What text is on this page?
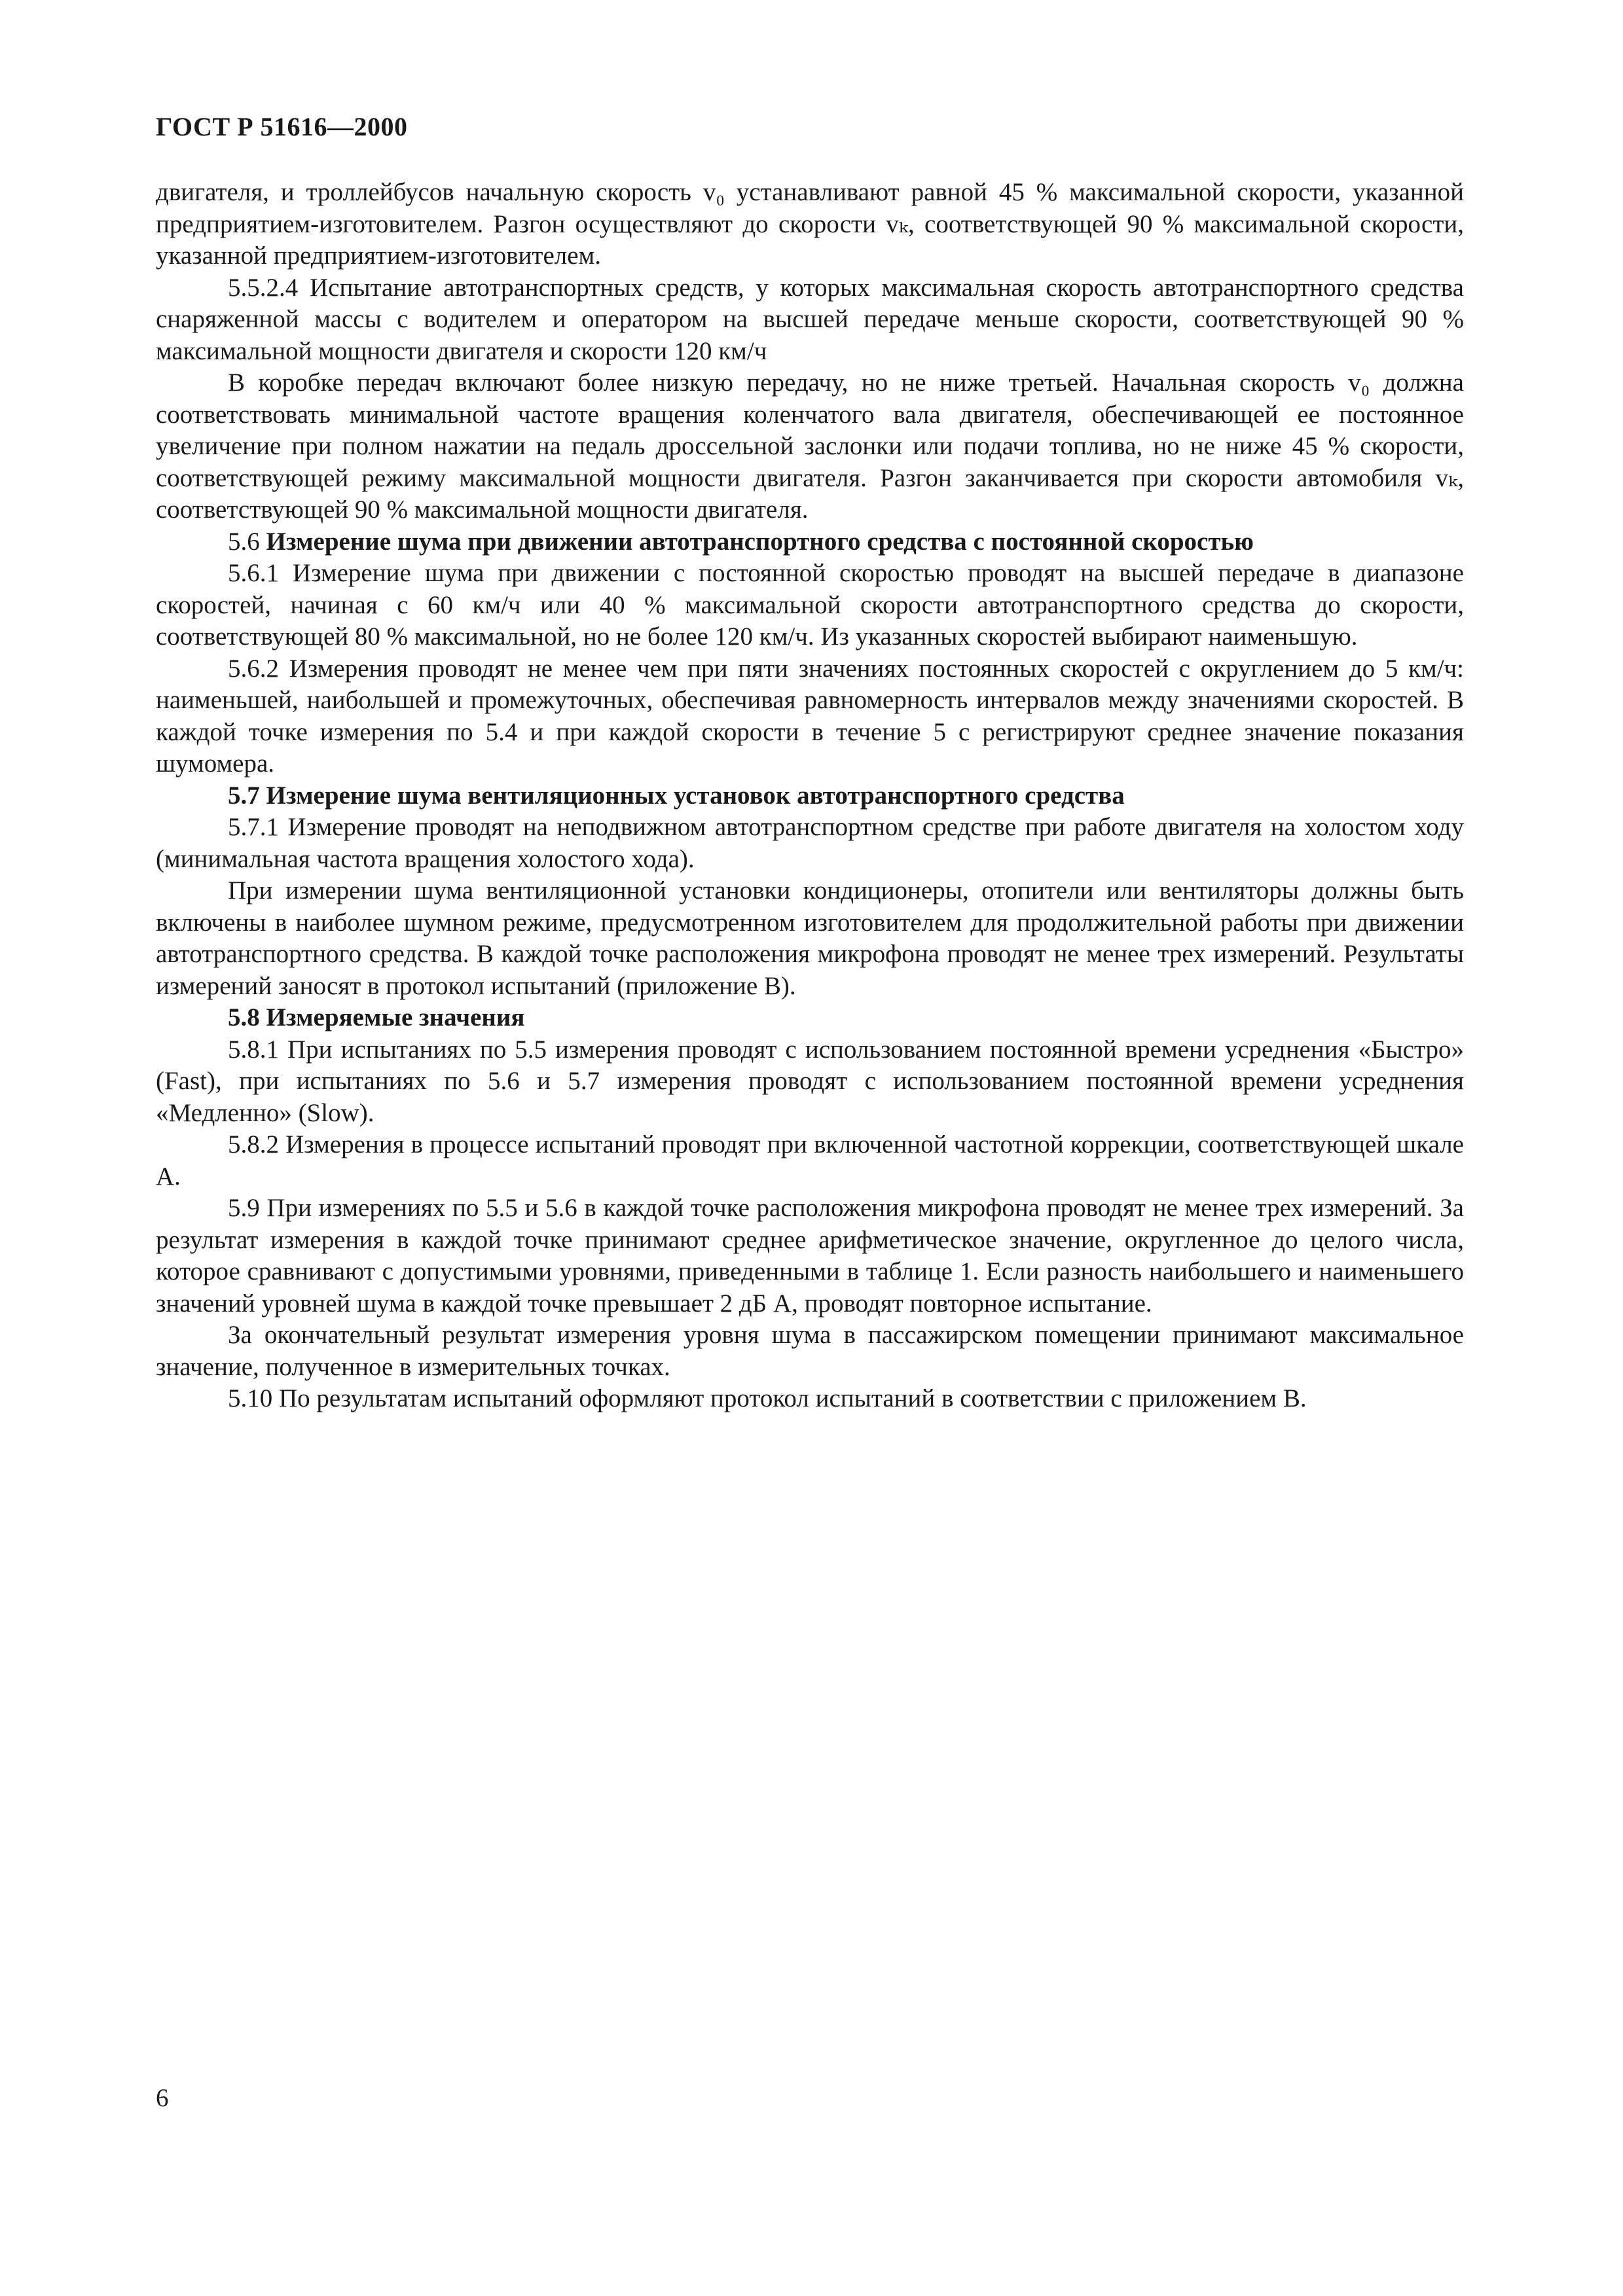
ГОСТ Р 51616—2000

двигателя, и троллейбусов начальную скорость v₀ устанавливают равной 45 % максимальной скорости, указанной предприятием-изготовителем. Разгон осуществляют до скорости vₖ, соответствующей 90 % максимальной скорости, указанной предприятием-изготовителем.

5.5.2.4 Испытание автотранспортных средств, у которых максимальная скорость автотранспортного средства снаряженной массы с водителем и оператором на высшей передаче меньше скорости, соответствующей 90 % максимальной мощности двигателя и скорости 120 км/ч

В коробке передач включают более низкую передачу, но не ниже третьей. Начальная скорость v₀ должна соответствовать минимальной частоте вращения коленчатого вала двигателя, обеспечивающей ее постоянное увеличение при полном нажатии на педаль дроссельной заслонки или подачи топлива, но не ниже 45 % скорости, соответствующей режиму максимальной мощности двигателя. Разгон заканчивается при скорости автомобиля vₖ, соответствующей 90 % максимальной мощности двигателя.

5.6 Измерение шума при движении автотранспортного средства с постоянной скоростью

5.6.1 Измерение шума при движении с постоянной скоростью проводят на высшей передаче в диапазоне скоростей, начиная с 60 км/ч или 40 % максимальной скорости автотранспортного средства до скорости, соответствующей 80 % максимальной, но не более 120 км/ч. Из указанных скоростей выбирают наименьшую.

5.6.2 Измерения проводят не менее чем при пяти значениях постоянных скоростей с округлением до 5 км/ч: наименьшей, наибольшей и промежуточных, обеспечивая равномерность интервалов между значениями скоростей. В каждой точке измерения по 5.4 и при каждой скорости в течение 5 с регистрируют среднее значение показания шумомера.

5.7 Измерение шума вентиляционных установок автотранспортного средства

5.7.1 Измерение проводят на неподвижном автотранспортном средстве при работе двигателя на холостом ходу (минимальная частота вращения холостого хода).

При измерении шума вентиляционной установки кондиционеры, отопители или вентиляторы должны быть включены в наиболее шумном режиме, предусмотренном изготовителем для продолжительной работы при движении автотранспортного средства. В каждой точке расположения микрофона проводят не менее трех измерений. Результаты измерений заносят в протокол испытаний (приложение В).

5.8 Измеряемые значения

5.8.1 При испытаниях по 5.5 измерения проводят с использованием постоянной времени усреднения «Быстро» (Fast), при испытаниях по 5.6 и 5.7 измерения проводят с использованием постоянной времени усреднения «Медленно» (Slow).

5.8.2 Измерения в процессе испытаний проводят при включенной частотной коррекции, соответствующей шкале А.

5.9 При измерениях по 5.5 и 5.6 в каждой точке расположения микрофона проводят не менее трех измерений. За результат измерения в каждой точке принимают среднее арифметическое значение, округленное до целого числа, которое сравнивают с допустимыми уровнями, приведенными в таблице 1. Если разность наибольшего и наименьшего значений уровней шума в каждой точке превышает 2 дБ А, проводят повторное испытание.

За окончательный результат измерения уровня шума в пассажирском помещении принимают максимальное значение, полученное в измерительных точках.

5.10 По результатам испытаний оформляют протокол испытаний в соответствии с приложением В.

6
